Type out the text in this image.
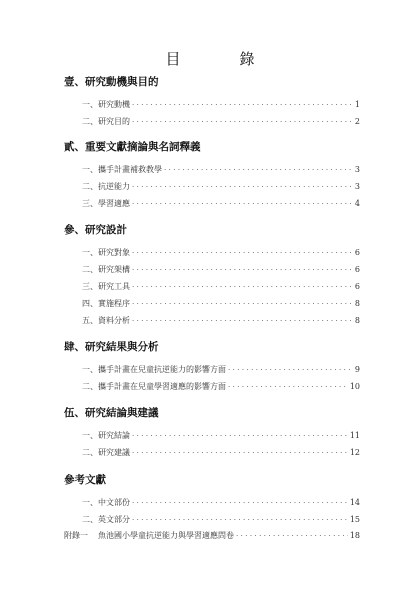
目　錄
壹、研究動機與目的
一、研究動機 ·····	1
二、研究目的 ·····	2
貳、重要文獻摘論與名詞釋義
一、攜手計畫補救教學 ·····	3
二、抗逆能力 ·····	3
三、學習適應 ·····	4
參、研究設計
一、研究對象 ·····	6
二、研究架構 ·····	6
三、研究工具 ·····	6
四、實施程序 ·····	8
五、資料分析 ·····	8
肆、研究結果與分析
一、攜手計畫在兒童抗逆能力的影響方面 ·····	9
二、攜手計畫在兒童學習適應的影響方面 ·····	10
伍、研究結論與建議
一、研究結論 ·····	11
二、研究建議 ·····	12
參考文獻
一、中文部份 ·····	14
二、英文部分 ·····	15
附錄一	魚池國小學童抗逆能力與學習適應問卷 ·····	18
